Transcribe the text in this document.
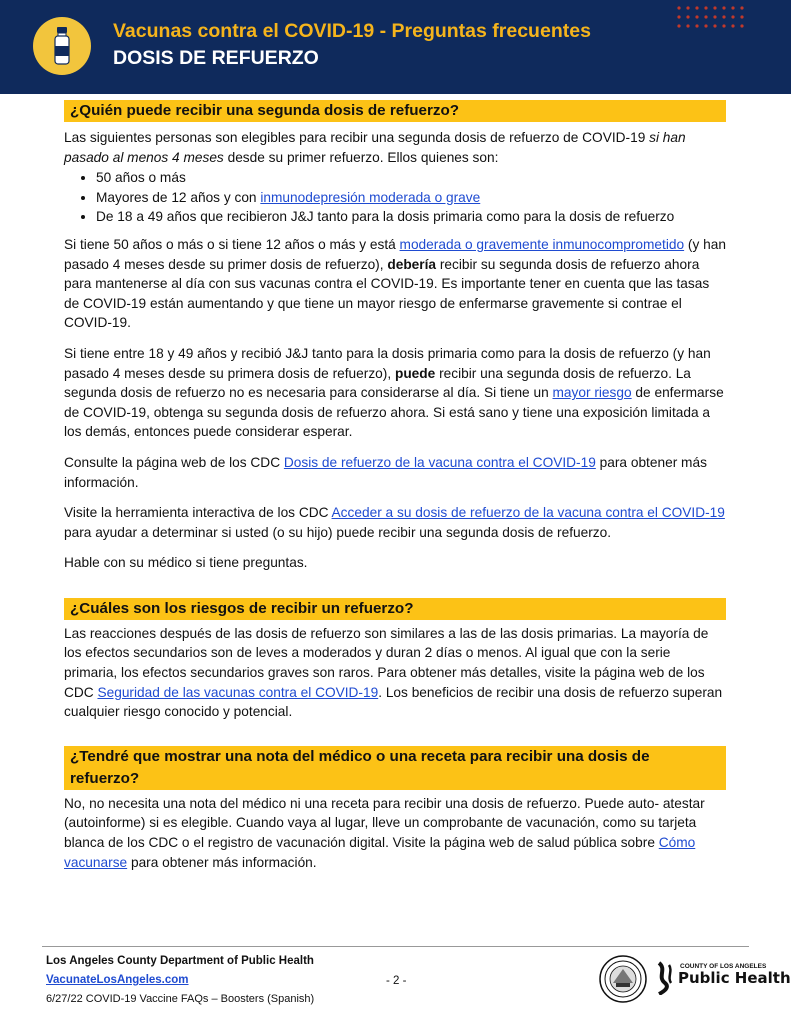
Vacunas contra el COVID-19 - Preguntas frecuentes
DOSIS DE REFUERZO
¿Quién puede recibir una segunda dosis de refuerzo?

Las siguientes personas son elegibles para recibir una segunda dosis de refuerzo de COVID-19 si han pasado al menos 4 meses desde su primer refuerzo. Ellos quienes son:

• 50 años o más
• Mayores de 12 años y con inmunodepresión moderada o grave
• De 18 a 49 años que recibieron J&J tanto para la dosis primaria como para la dosis de refuerzo

Si tiene 50 años o más o si tiene 12 años o más y está moderada o gravemente inmunocomprometido (y han pasado 4 meses desde su primer dosis de refuerzo), debería recibir su segunda dosis de refuerzo ahora para mantenerse al día con sus vacunas contra el COVID-19. Es importante tener en cuenta que las tasas de COVID-19 están aumentando y que tiene un mayor riesgo de enfermarse gravemente si contrae el COVID-19.

Si tiene entre 18 y 49 años y recibió J&J tanto para la dosis primaria como para la dosis de refuerzo (y han pasado 4 meses desde su primera dosis de refuerzo), puede recibir una segunda dosis de refuerzo. La segunda dosis de refuerzo no es necesaria para considerarse al día. Si tiene un mayor riesgo de enfermarse de COVID-19, obtenga su segunda dosis de refuerzo ahora. Si está sano y tiene una exposición limitada a los demás, entonces puede considerar esperar.

Consulte la página web de los CDC Dosis de refuerzo de la vacuna contra el COVID-19 para obtener más información.

Visite la herramienta interactiva de los CDC Acceder a su dosis de refuerzo de la vacuna contra el COVID-19 para ayudar a determinar si usted (o su hijo) puede recibir una segunda dosis de refuerzo.

Hable con su médico si tiene preguntas.

¿Cuáles son los riesgos de recibir un refuerzo?

Las reacciones después de las dosis de refuerzo son similares a las de las dosis primarias. La mayoría de los efectos secundarios son de leves a moderados y duran 2 días o menos. Al igual que con la serie primaria, los efectos secundarios graves son raros. Para obtener más detalles, visite la página web de los CDC Seguridad de las vacunas contra el COVID-19. Los beneficios de recibir una dosis de refuerzo superan cualquier riesgo conocido y potencial.

¿Tendré que mostrar una nota del médico o una receta para recibir una dosis de refuerzo?

No, no necesita una nota del médico ni una receta para recibir una dosis de refuerzo. Puede auto- atestar (autoinforme) si es elegible. Cuando vaya al lugar, lleve un comprobante de vacunación, como su tarjeta blanca de los CDC o el registro de vacunación digital. Visite la página web de salud pública sobre Cómo vacunarse para obtener más información.

Los Angeles County Department of Public Health
VacunateLosAngeles.com
6/27/22 COVID-19 Vaccine FAQs – Boosters (Spanish)
- 2 -
COUNTY OF LOS ANGELES
Public Health
